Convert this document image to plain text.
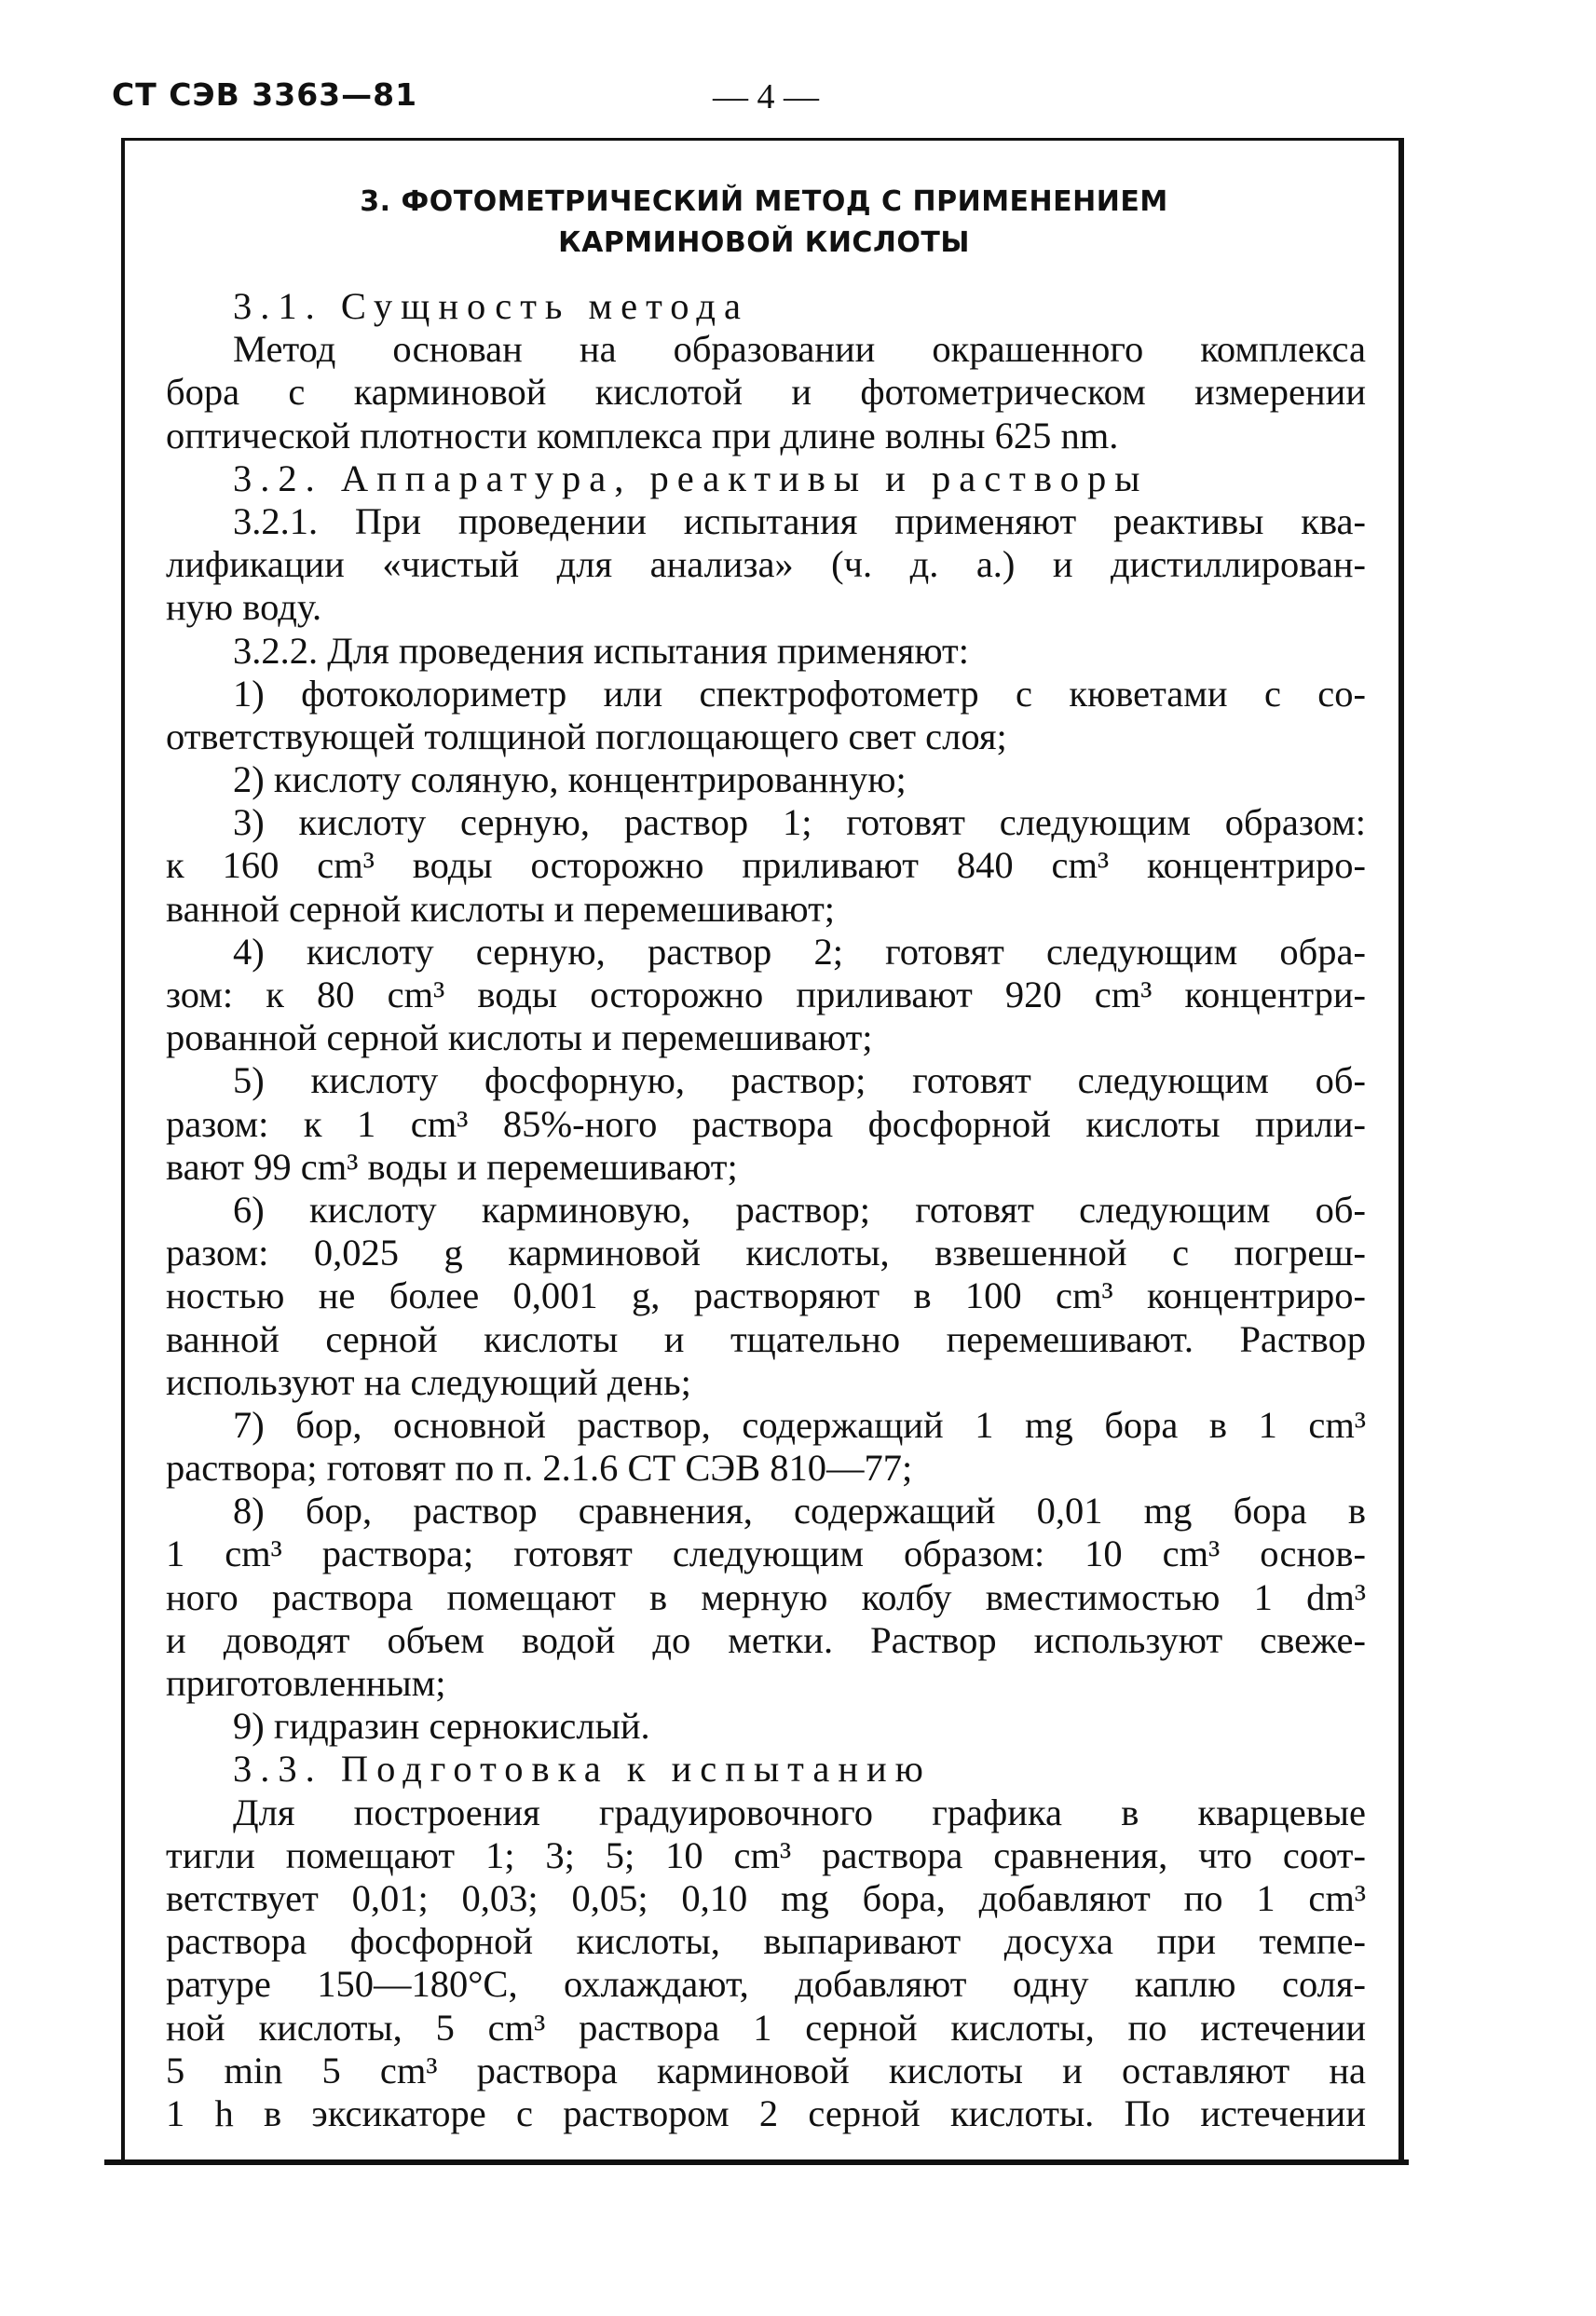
СТ СЭВ 3363—81	— 4 —
3. ФОТОМЕТРИЧЕСКИЙ МЕТОД С ПРИМЕНЕНИЕМ
КАРМИНОВОЙ КИСЛОТЫ
3.1. Сущность метода
Метод основан на образовании окрашенного комплекса
бора с карминовой кислотой и фотометрическом измерении
оптической плотности комплекса при длине волны 625 nm.
3.2. Аппаратура, реактивы и растворы
3.2.1. При проведении испытания применяют реактивы ква-
лификации «чистый для анализа» (ч. д. а.) и дистиллирован-
ную воду.
3.2.2. Для проведения испытания применяют:
1) фотоколориметр или спектрофотометр с кюветами с со-
ответствующей толщиной поглощающего свет слоя;
2) кислоту соляную, концентрированную;
3) кислоту серную, раствор 1; готовят следующим образом:
к 160 cm³ воды осторожно приливают 840 cm³ концентриро-
ванной серной кислоты и перемешивают;
4) кислоту серную, раствор 2; готовят следующим обра-
зом: к 80 cm³ воды осторожно приливают 920 cm³ концентри-
рованной серной кислоты и перемешивают;
5) кислоту фосфорную, раствор; готовят следующим об-
разом: к 1 cm³ 85%-ного раствора фосфорной кислоты прили-
вают 99 cm³ воды и перемешивают;
6) кислоту карминовую, раствор; готовят следующим об-
разом: 0,025 g карминовой кислоты, взвешенной с погреш-
ностью не более 0,001 g, растворяют в 100 cm³ концентриро-
ванной серной кислоты и тщательно перемешивают. Раствор
используют на следующий день;
7) бор, основной раствор, содержащий 1 mg бора в 1 cm³
раствора; готовят по п. 2.1.6 СТ СЭВ 810—77;
8) бор, раствор сравнения, содержащий 0,01 mg бора в
1 cm³ раствора; готовят следующим образом: 10 cm³ основ-
ного раствора помещают в мерную колбу вместимостью 1 dm³
и доводят объем водой до метки. Раствор используют свеже-
приготовленным;
9) гидразин сернокислый.
3.3. Подготовка к испытанию
Для построения градуировочного графика в кварцевые
тигли помещают 1; 3; 5; 10 cm³ раствора сравнения, что соот-
ветствует 0,01; 0,03; 0,05; 0,10 mg бора, добавляют по 1 cm³
раствора фосфорной кислоты, выпаривают досуха при темпе-
ратуре 150—180°C, охлаждают, добавляют одну каплю соля-
ной кислоты, 5 cm³ раствора 1 серной кислоты, по истечении
5 min 5 cm³ раствора карминовой кислоты и оставляют на
1 h в эксикаторе с раствором 2 серной кислоты. По истечении
